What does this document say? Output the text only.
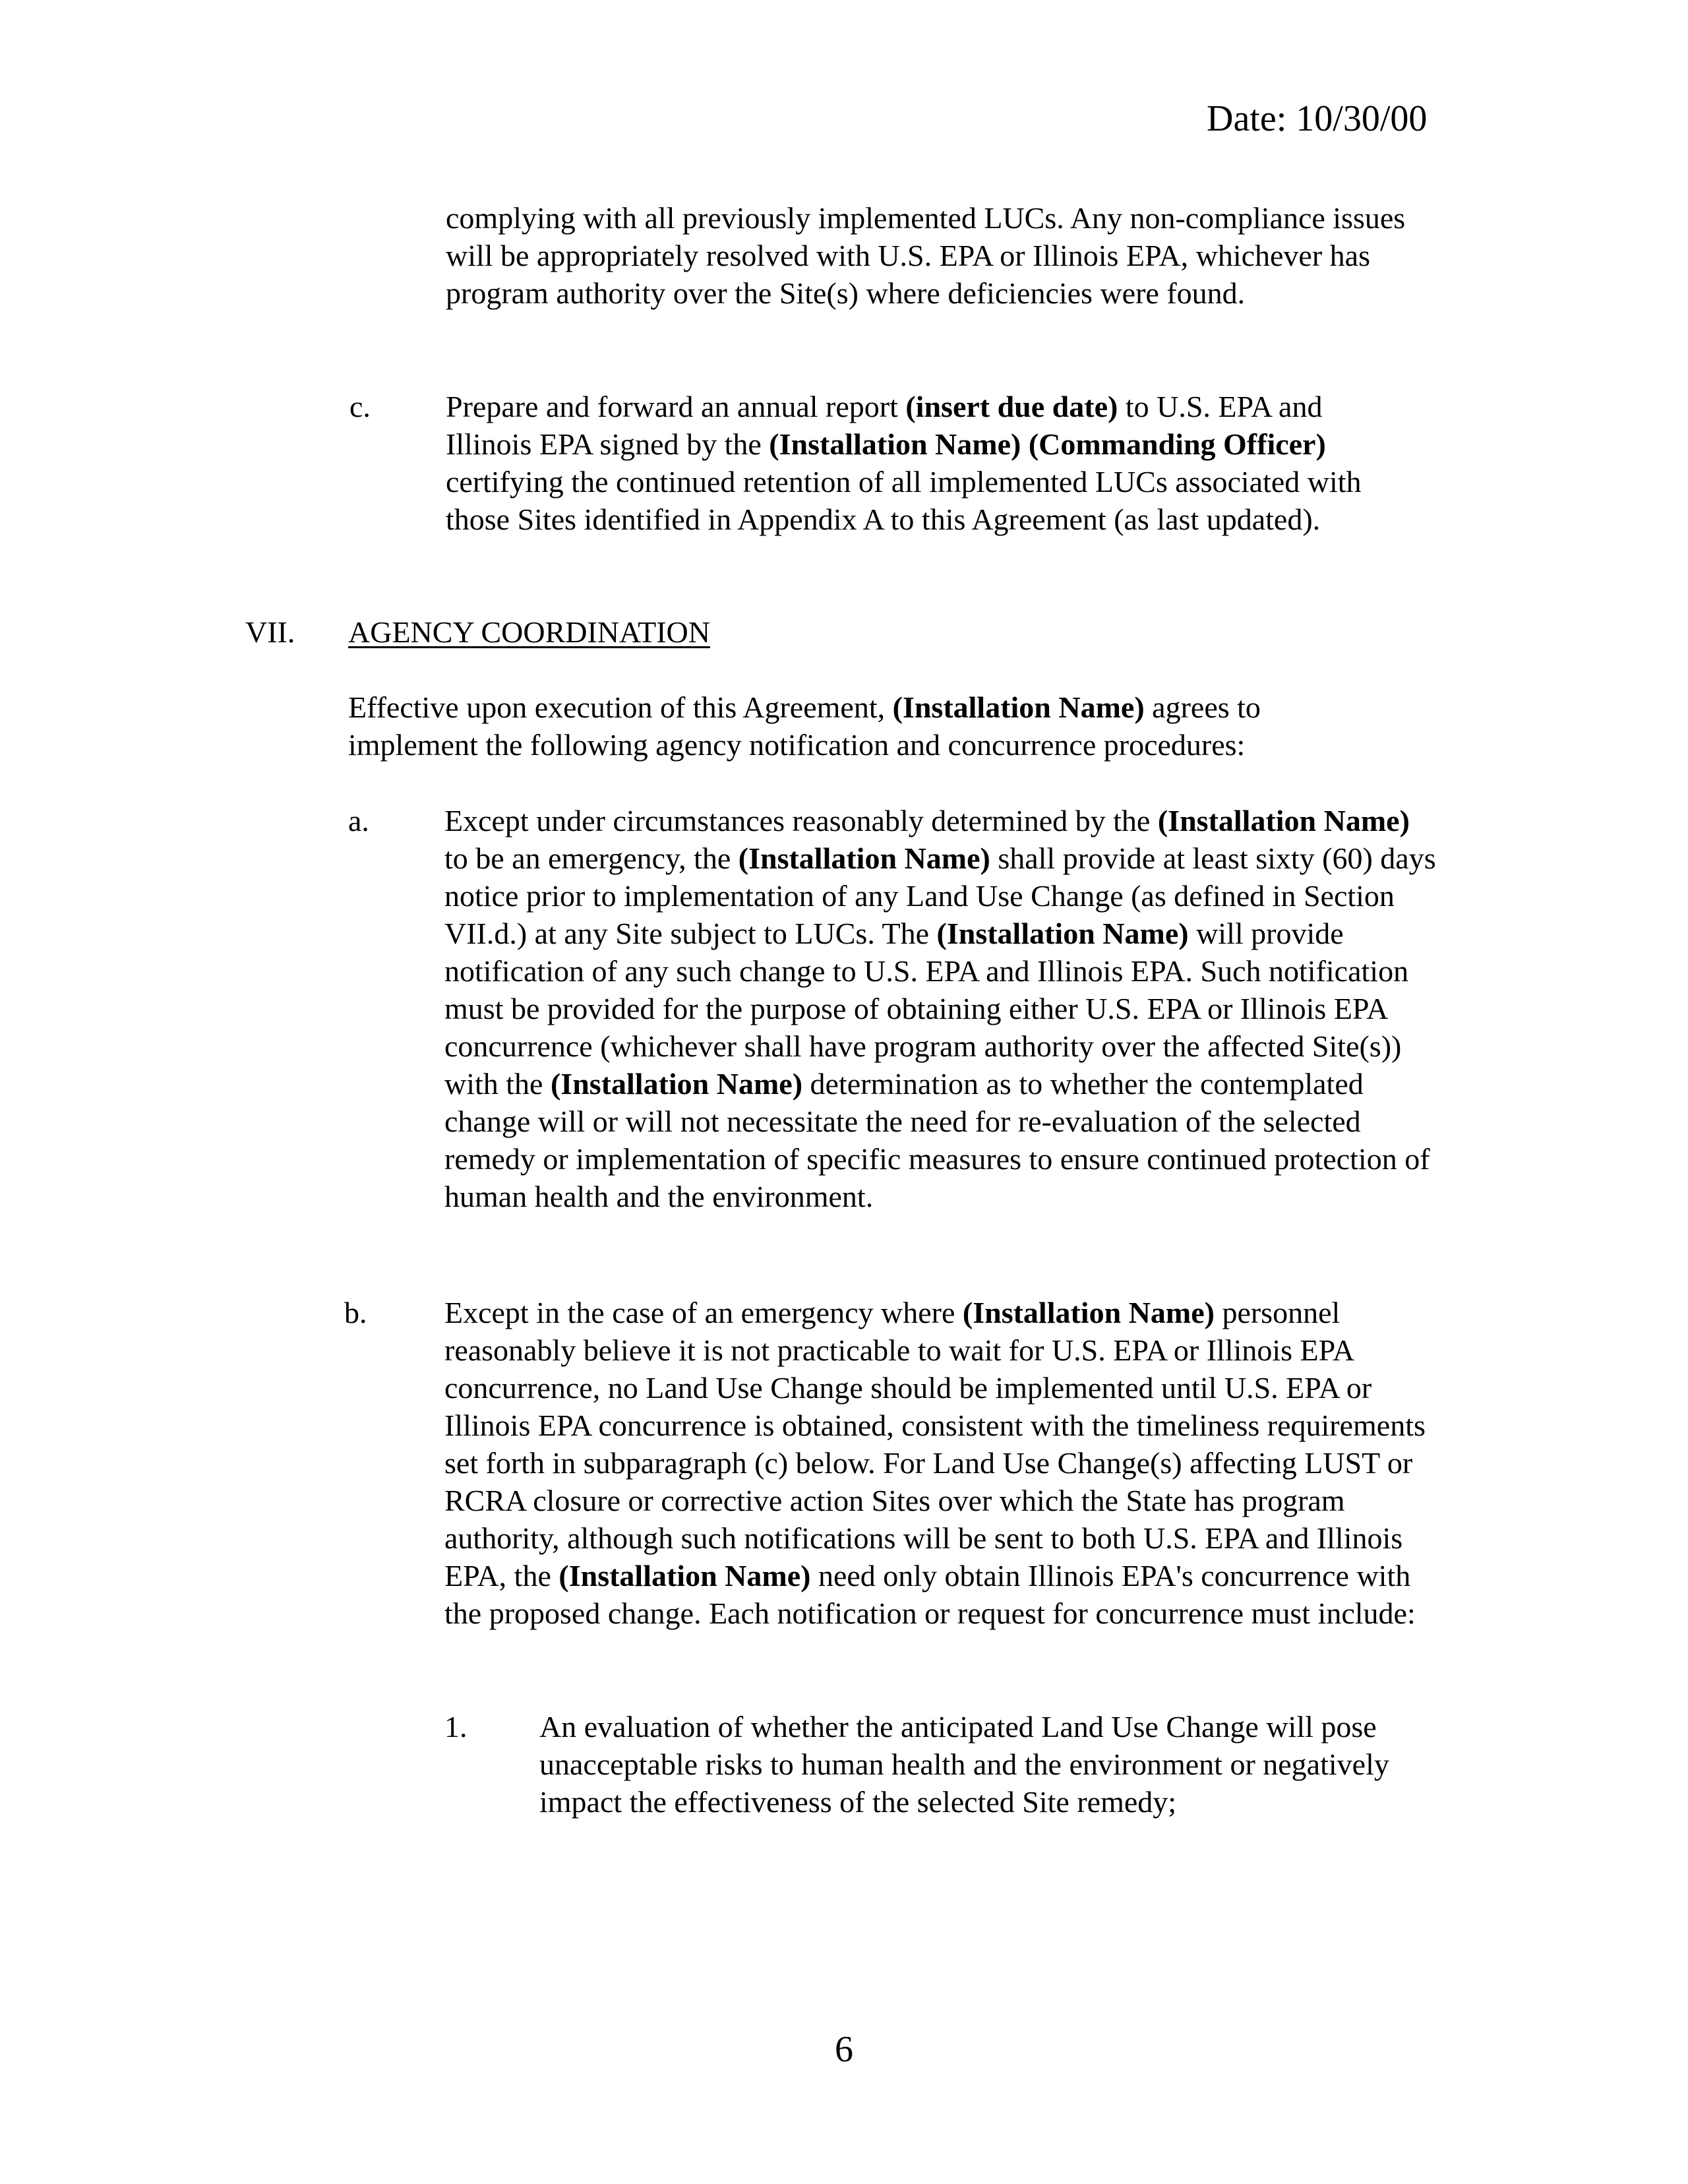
Date: 10/30/00
complying with all previously implemented LUCs. Any non-compliance issues will be appropriately resolved with U.S. EPA or Illinois EPA, whichever has program authority over the Site(s) where deficiencies were found.
c. Prepare and forward an annual report (insert due date) to U.S. EPA and Illinois EPA signed by the (Installation Name) (Commanding Officer) certifying the continued retention of all implemented LUCs associated with those Sites identified in Appendix A to this Agreement (as last updated).
VII. AGENCY COORDINATION
Effective upon execution of this Agreement, (Installation Name) agrees to implement the following agency notification and concurrence procedures:
a. Except under circumstances reasonably determined by the (Installation Name) to be an emergency, the (Installation Name) shall provide at least sixty (60) days notice prior to implementation of any Land Use Change (as defined in Section VII.d.) at any Site subject to LUCs. The (Installation Name) will provide notification of any such change to U.S. EPA and Illinois EPA. Such notification must be provided for the purpose of obtaining either U.S. EPA or Illinois EPA concurrence (whichever shall have program authority over the affected Site(s)) with the (Installation Name) determination as to whether the contemplated change will or will not necessitate the need for re-evaluation of the selected remedy or implementation of specific measures to ensure continued protection of human health and the environment.
b.	Except in the case of an emergency where (Installation Name) personnel reasonably believe it is not practicable to wait for U.S. EPA or Illinois EPA concurrence, no Land Use Change should be implemented until U.S. EPA or Illinois EPA concurrence is obtained, consistent with the timeliness requirements set forth in subparagraph (c) below. For Land Use Change(s) affecting LUST or RCRA closure or corrective action Sites over which the State has program authority, although such notifications will be sent to both U.S. EPA and Illinois EPA, the (Installation Name) need only obtain Illinois EPA's concurrence with the proposed change. Each notification or request for concurrence must include:
1. An evaluation of whether the anticipated Land Use Change will pose unacceptable risks to human health and the environment or negatively impact the effectiveness of the selected Site remedy;
6
